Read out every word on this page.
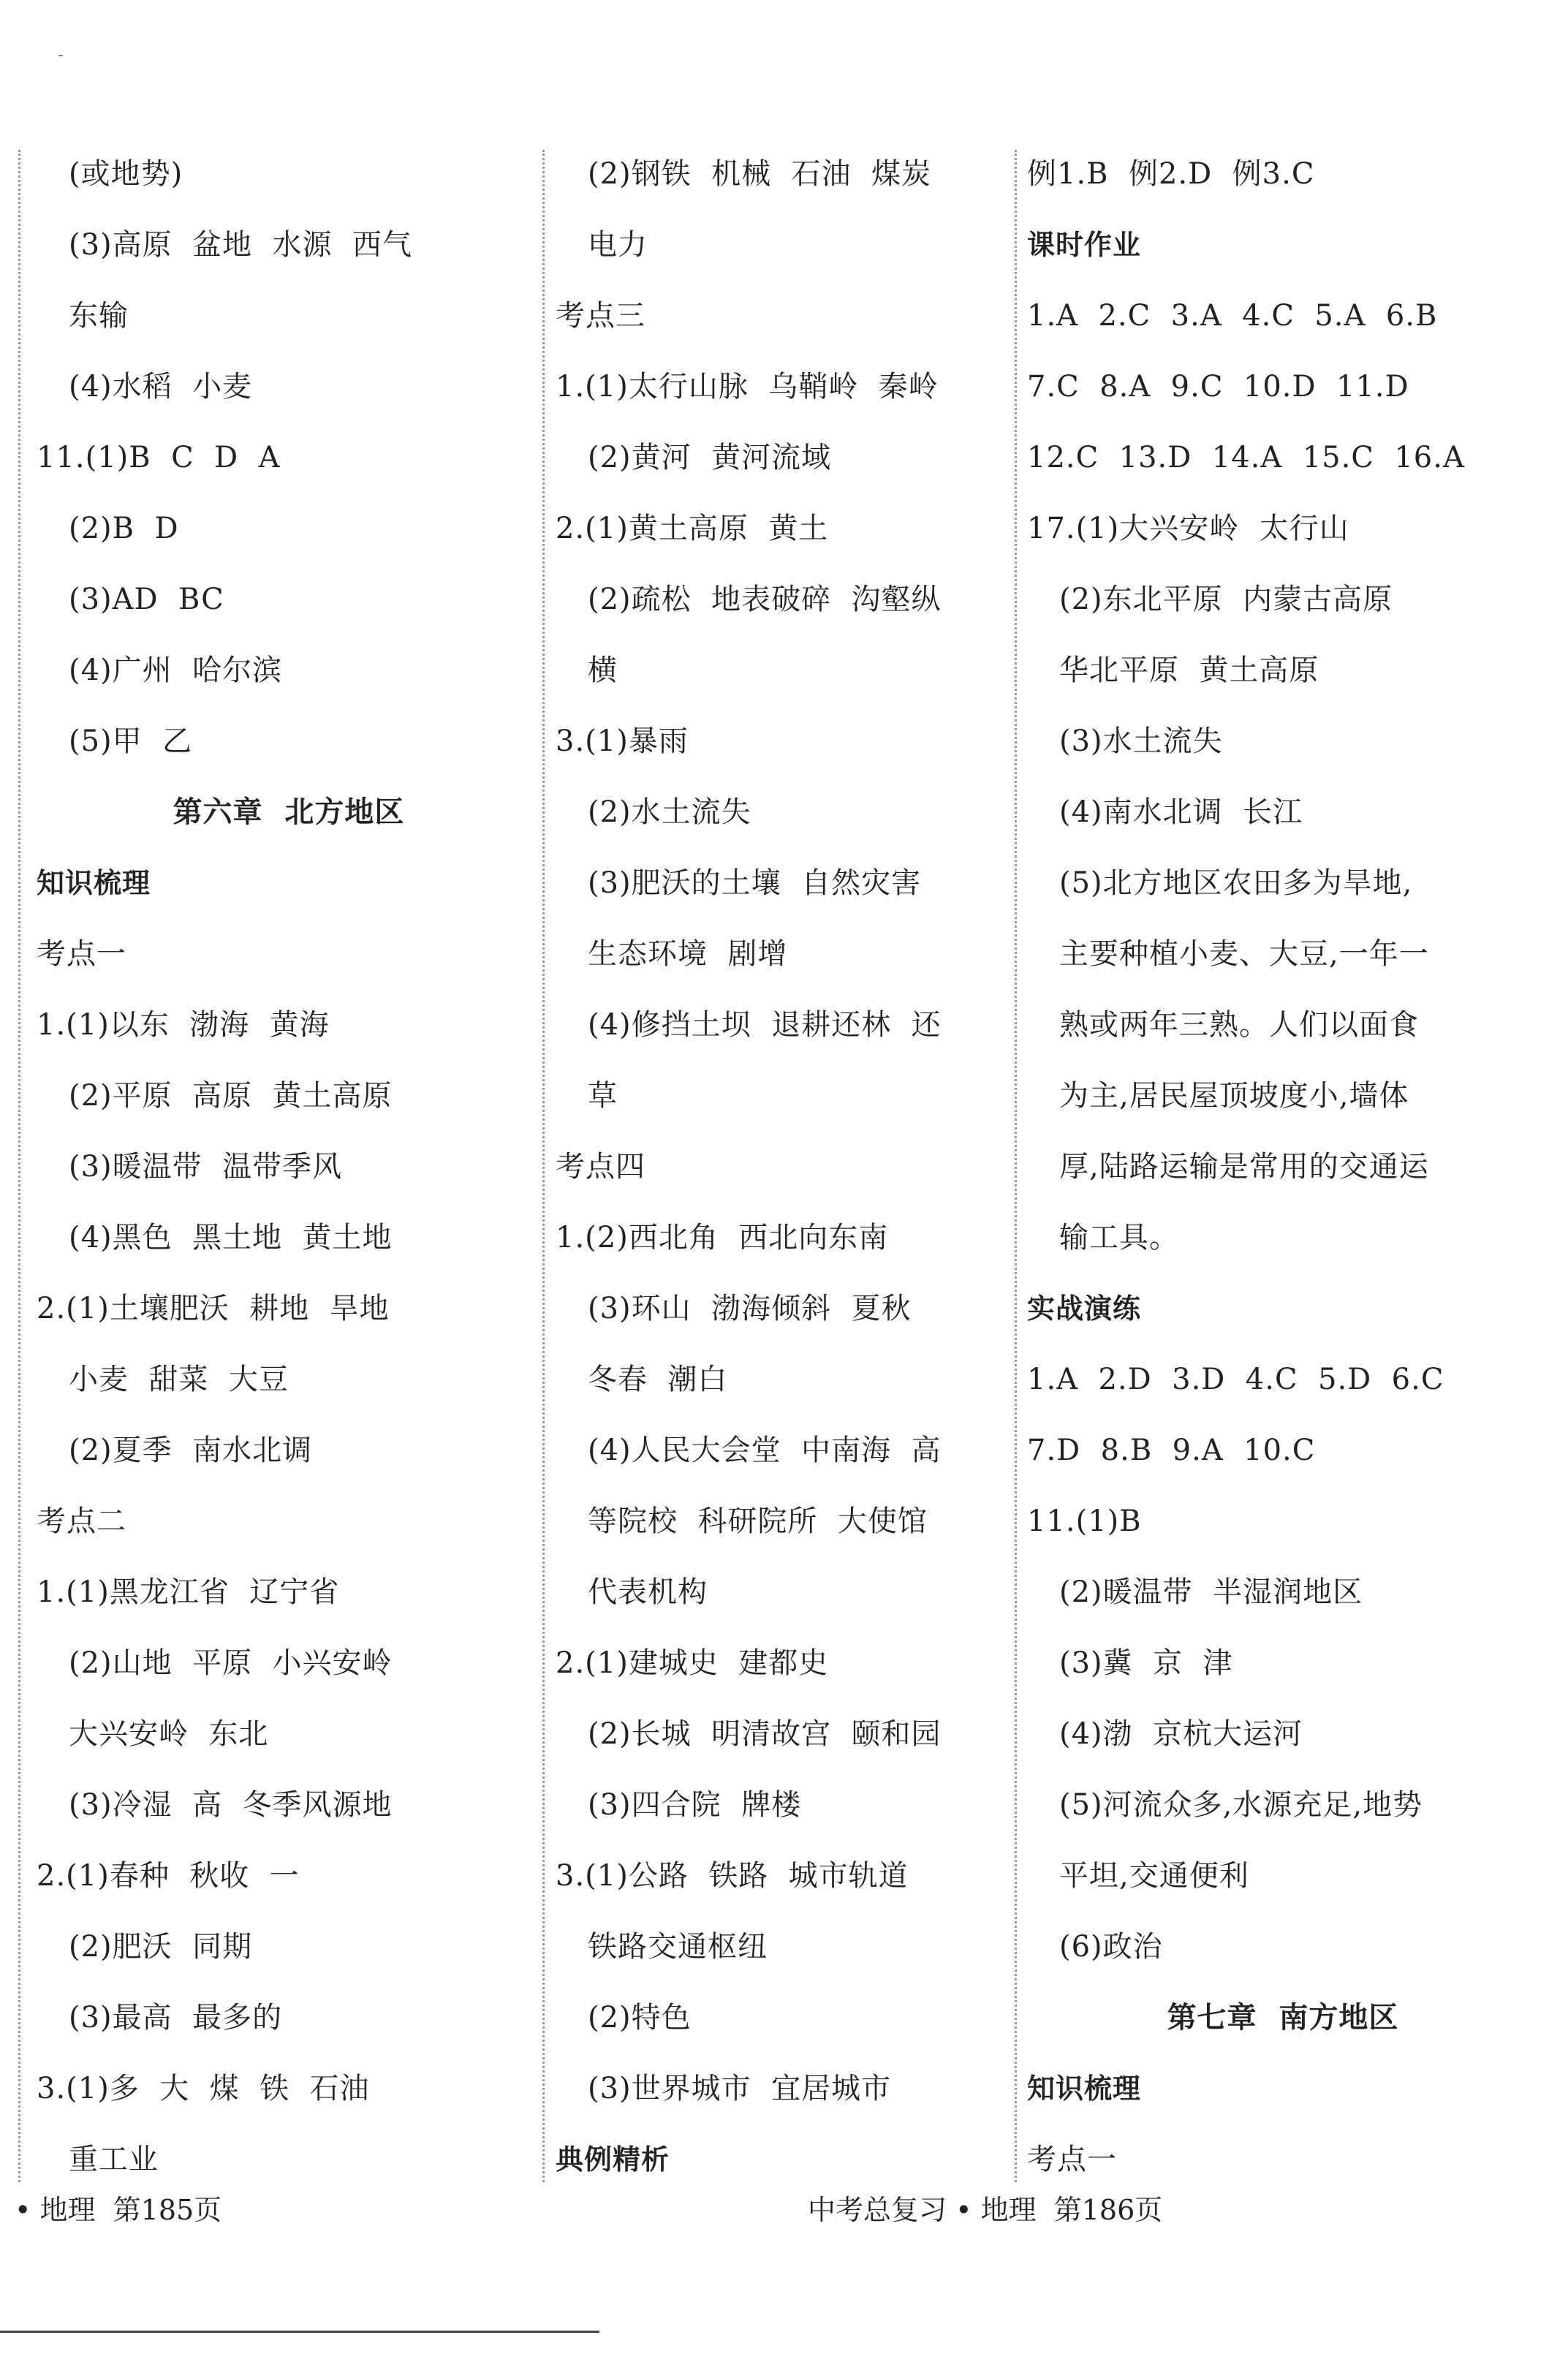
(或地势)
(3)高原  盆地  水源  西气
东输
(4)水稻  小麦
11.(1)B  C  D  A
(2)B  D
(3)AD  BC
(4)广州  哈尔滨
(5)甲  乙
第六章  北方地区
知识梳理
考点一
1.(1)以东  渤海  黄海
(2)平原  高原  黄土高原
(3)暖温带  温带季风
(4)黑色  黑土地  黄土地
2.(1)土壤肥沃  耕地  旱地
小麦  甜菜  大豆
(2)夏季  南水北调
考点二
1.(1)黑龙江省  辽宁省
(2)山地  平原  小兴安岭
大兴安岭  东北
(3)冷湿  高  冬季风源地
2.(1)春种  秋收  一
(2)肥沃  同期
(3)最高  最多的
3.(1)多  大  煤  铁  石油
重工业
(2)钢铁  机械  石油  煤炭
电力
考点三
1.(1)太行山脉  乌鞘岭  秦岭
(2)黄河  黄河流域
2.(1)黄土高原  黄土
(2)疏松  地表破碎  沟壑纵
横
3.(1)暴雨
(2)水土流失
(3)肥沃的土壤  自然灾害
生态环境  剧增
(4)修挡土坝  退耕还林  还
草
考点四
1.(2)西北角  西北向东南
(3)环山  渤海倾斜  夏秋
冬春  潮白
(4)人民大会堂  中南海  高
等院校  科研院所  大使馆
代表机构
2.(1)建城史  建都史
(2)长城  明清故宫  颐和园
(3)四合院  牌楼
3.(1)公路  铁路  城市轨道
铁路交通枢纽
(2)特色
(3)世界城市  宜居城市
典例精析
例1.B  例2.D  例3.C
课时作业
1.A  2.C  3.A  4.C  5.A  6.B
7.C  8.A  9.C  10.D  11.D
12.C  13.D  14.A  15.C  16.A
17.(1)大兴安岭  太行山
(2)东北平原  内蒙古高原
华北平原  黄土高原
(3)水土流失
(4)南水北调  长江
(5)北方地区农田多为旱地,
主要种植小麦、大豆,一年一
熟或两年三熟。人们以面食
为主,居民屋顶坡度小,墙体
厚,陆路运输是常用的交通运
输工具。
实战演练
1.A  2.D  3.D  4.C  5.D  6.C
7.D  8.B  9.A  10.C
11.(1)B
(2)暖温带  半湿润地区
(3)冀  京  津
(4)渤  京杭大运河
(5)河流众多,水源充足,地势
平坦,交通便利
(6)政治
第七章  南方地区
知识梳理
考点一
• 地理  第185页	中考总复习 • 地理  第186页
